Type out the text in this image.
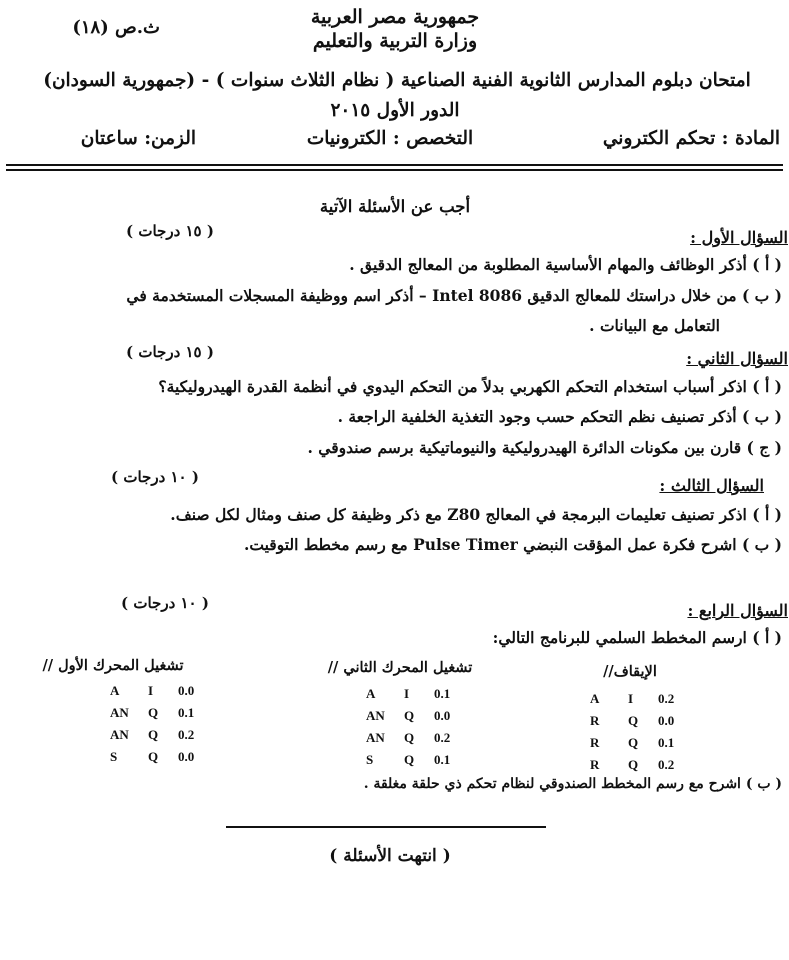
جمهورية مصر العربية
وزارة التربية والتعليم
ث.ص (١٨)
امتحان دبلوم المدارس الثانوية الفنية الصناعية ( نظام الثلاث سنوات ) - (جمهورية السودان)
الدور الأول ٢٠١٥
المادة : تحكم الكتروني
التخصص : الكترونيات
الزمن: ساعتان
أجب عن الأسئلة الآتية
السؤال الأول :
( ١٥ درجات )
( أ ) أذكر الوظائف والمهام الأساسية المطلوبة من المعالج الدقيق .
( ب ) من خلال دراستك للمعالج الدقيق Intel 8086 – أذكر اسم ووظيفة المسجلات المستخدمة في
التعامل مع البيانات .
السؤال الثاني :
( ١٥ درجات )
( أ ) اذكر أسباب استخدام التحكم الكهربي بدلاً من التحكم اليدوي في أنظمة القدرة الهيدروليكية؟
( ب ) أذكر تصنيف نظم التحكم حسب وجود التغذية الخلفية الراجعة .
( ج ) قارن بين مكونات الدائرة الهيدروليكية والنيوماتيكية برسم صندوقي .
السؤال الثالث :
( ١٠ درجات )
( أ ) اذكر تصنيف تعليمات البرمجة في المعالج Z80 مع ذكر وظيفة كل صنف ومثال لكل صنف.
( ب ) اشرح فكرة عمل المؤقت النبضي Pulse Timer مع رسم مخطط التوقيت.
السؤال الرابع :
( ١٠ درجات )
( أ ) ارسم المخطط السلمي للبرنامج التالي:
تشغيل المحرك الأول //
A I 0.0
AN Q 0.1
AN Q 0.2
S Q 0.0
تشغيل المحرك الثاني //
A I 0.1
AN Q 0.0
AN Q 0.2
S Q 0.1
الإيقاف//
A I 0.2
R Q 0.0
R Q 0.1
R Q 0.2
( ب ) اشرح مع رسم المخطط الصندوقي لنظام تحكم ذي حلقة مغلقة .
( انتهت الأسئلة )
